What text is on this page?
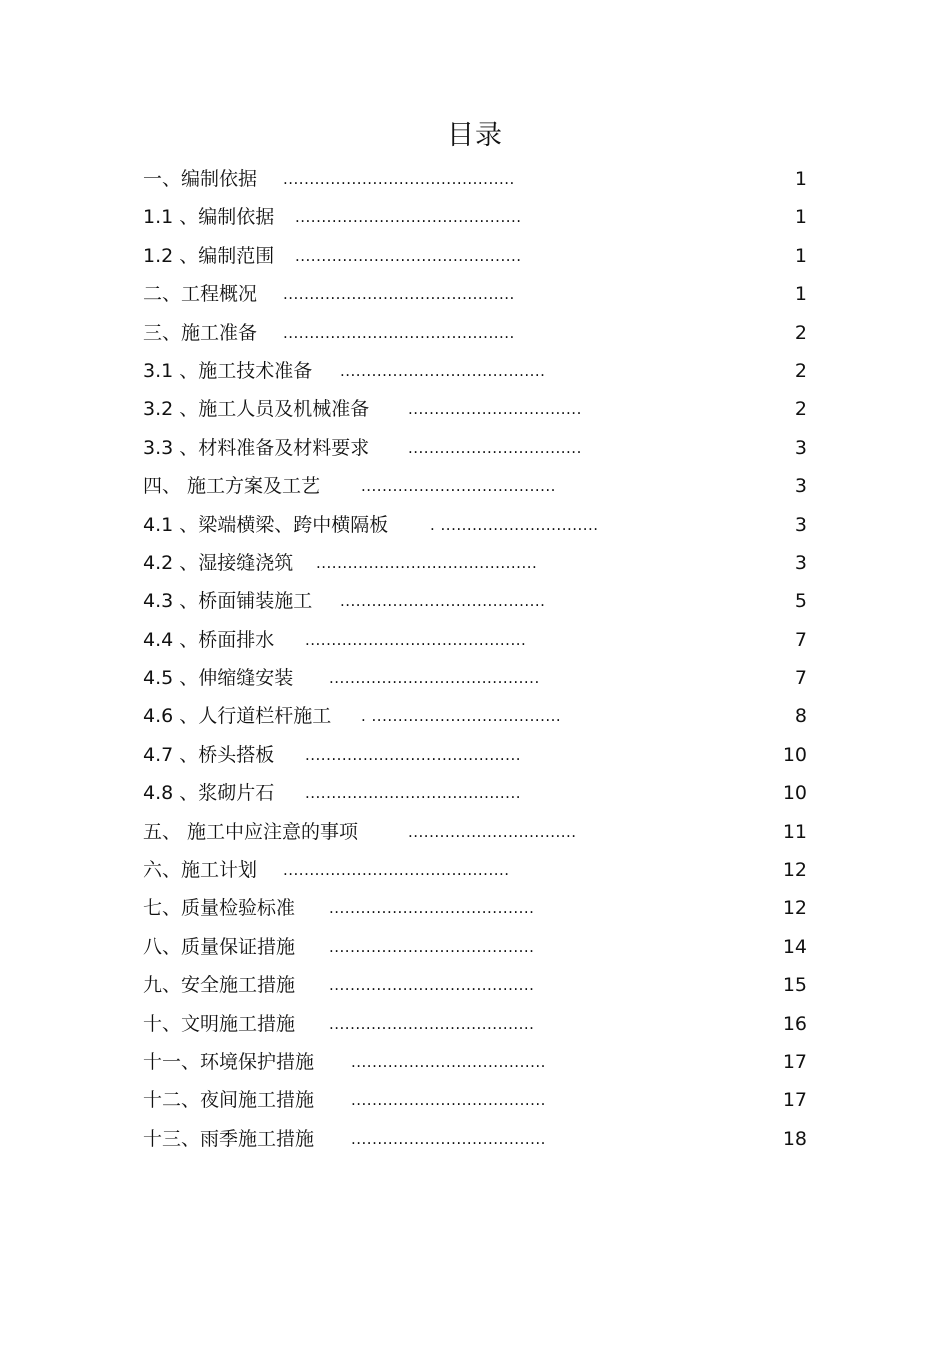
目录
一、编制依据 ............................................	1
1.1 、编制依据 ...........................................	1
1.2 、编制范围 ...........................................	1
二、工程概况 ............................................	1
三、施工准备 ............................................	2
3.1 、施工技术准备 .......................................	2
3.2 、施工人员及机械准备	.................................	2
3.3 、材料准备及材料要求	.................................	3
四、 施工方案及工艺	.....................................	3
4.1 、梁端横梁、跨中横隔板	. ..............................	3
4.2 、湿接缝浇筑 ..........................................	3
4.3 、桥面铺装施工 .......................................	5
4.4 、桥面排水 ..........................................	7
4.5 、伸缩缝安装 ........................................	7
4.6 、人行道栏杆施工 . ....................................	8
4.7 、桥头搭板 .........................................	10
4.8 、浆砌片石 .........................................	10
五、 施工中应注意的事项	................................	11
六、施工计划 ...........................................	12
七、质量检验标准 .......................................	12
八、质量保证措施 .......................................	14
九、安全施工措施 .......................................	15
十、文明施工措施 .......................................	16
十一、环境保护措施 .....................................	17
十二、夜间施工措施 .....................................	17
十三、雨季施工措施 .....................................	18
